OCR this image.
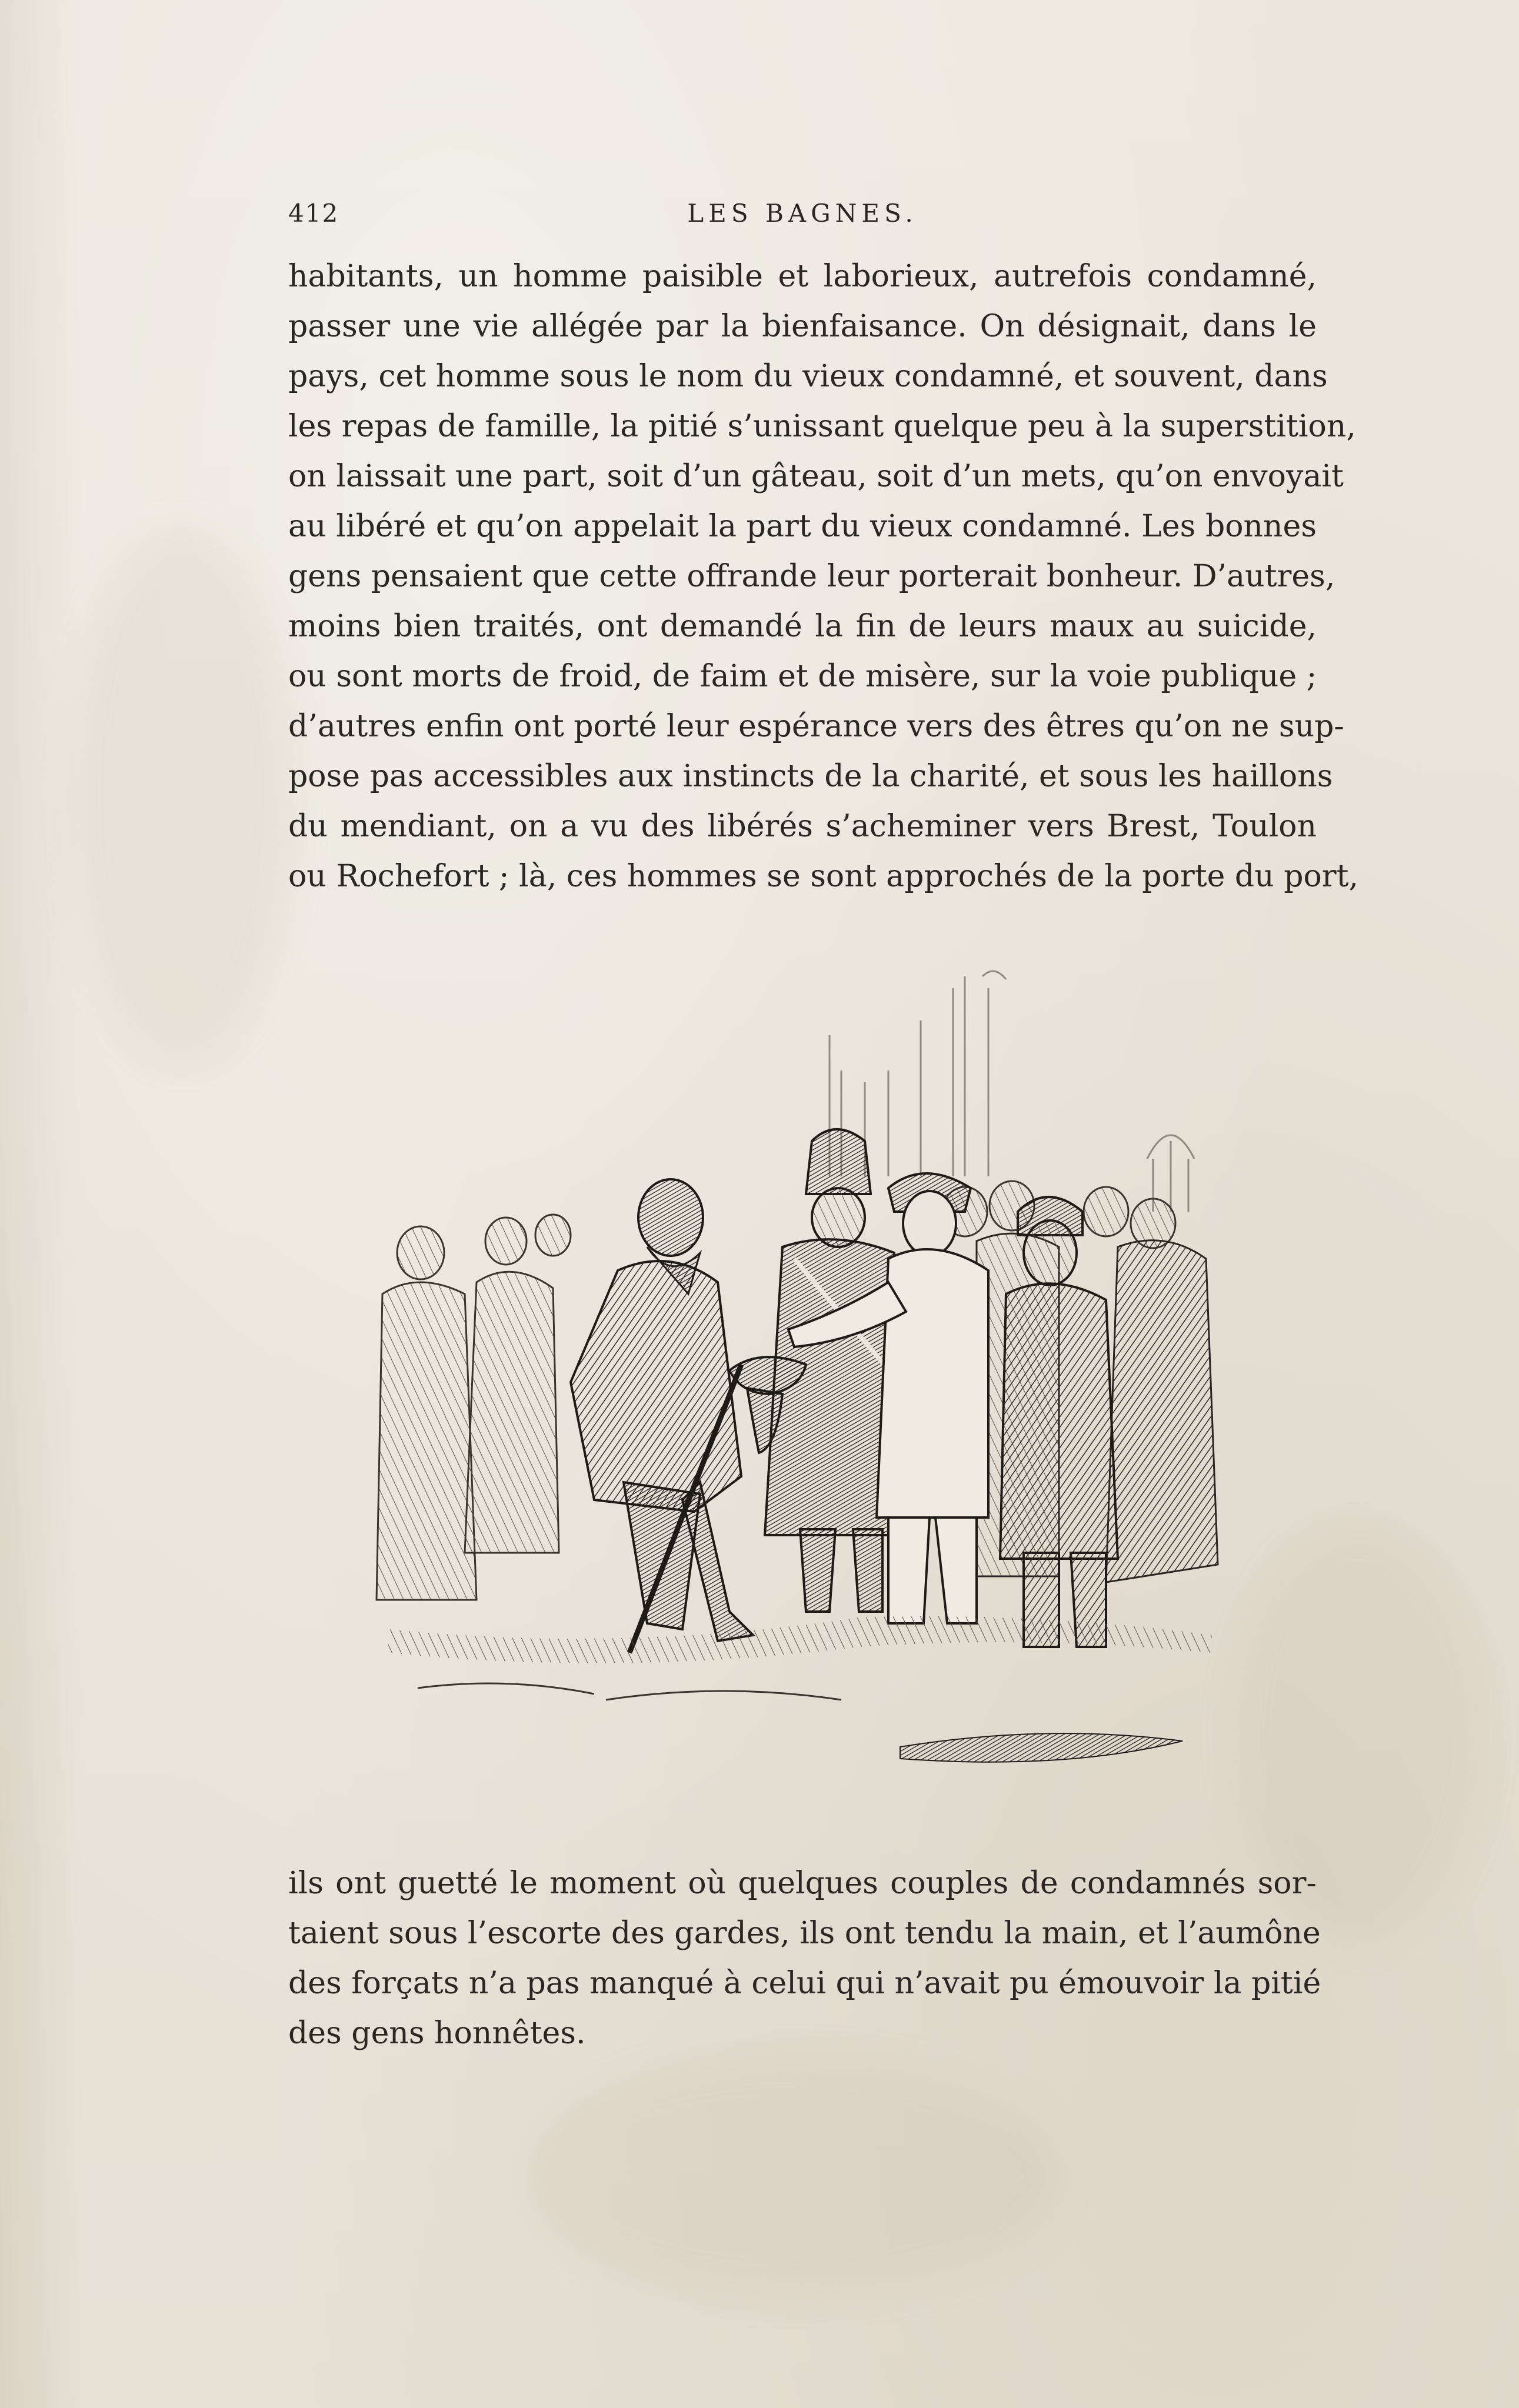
412	LES BAGNES.
habitants, un homme paisible et laborieux, autrefois condamné,
passer une vie allégée par la bienfaisance. On désignait, dans le
pays, cet homme sous le nom du vieux condamné, et souvent, dans
les repas de famille, la pitié s’unissant quelque peu à la superstition,
on laissait une part, soit d’un gâteau, soit d’un mets, qu’on envoyait
au libéré et qu’on appelait la part du vieux condamné. Les bonnes
gens pensaient que cette offrande leur porterait bonheur. D’autres,
moins bien traités, ont demandé la fin de leurs maux au suicide,
ou sont morts de froid, de faim et de misère, sur la voie publique ;
d’autres enfin ont porté leur espérance vers des êtres qu’on ne sup-
pose pas accessibles aux instincts de la charité, et sous les haillons
du mendiant, on a vu des libérés s’acheminer vers Brest, Toulon
ou Rochefort ; là, ces hommes se sont approchés de la porte du port,
ils ont guetté le moment où quelques couples de condamnés sor-
taient sous l’escorte des gardes, ils ont tendu la main, et l’aumône
des forçats n’a pas manqué à celui qui n’avait pu émouvoir la pitié
des gens honnêtes.
